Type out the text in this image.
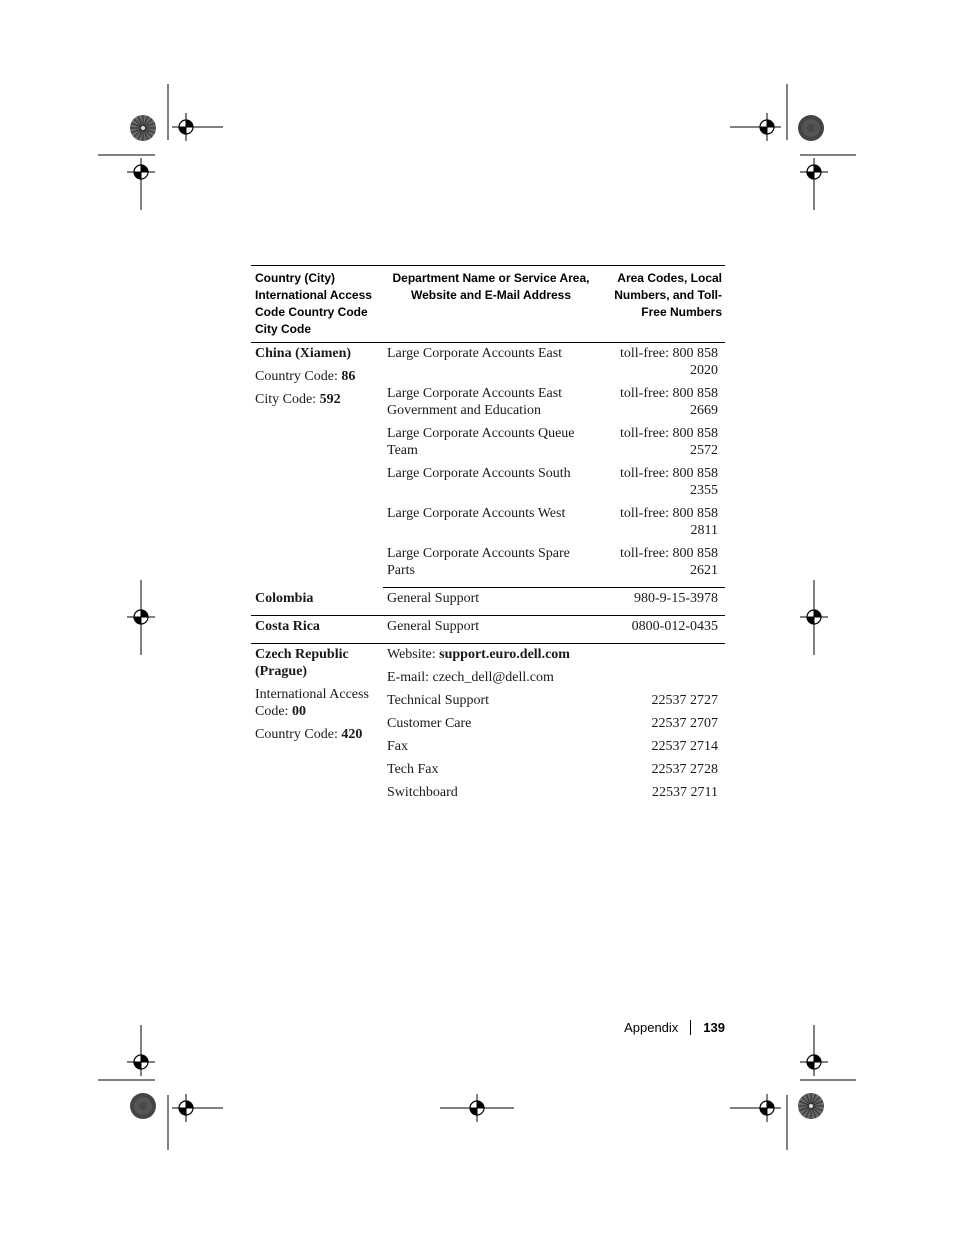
Country (City) International Access Code Country Code City Code	Department Name or Service Area, Website and E-Mail Address	Area Codes, Local Numbers, and Toll-Free Numbers

China (Xiamen)
Country Code: 86
City Code: 592	Large Corporate Accounts East	toll-free: 800 858 2020
	Large Corporate Accounts East Government and Education	toll-free: 800 858 2669
	Large Corporate Accounts Queue Team	toll-free: 800 858 2572
	Large Corporate Accounts South	toll-free: 800 858 2355
	Large Corporate Accounts West	toll-free: 800 858 2811
	Large Corporate Accounts Spare Parts	toll-free: 800 858 2621
Colombia	General Support	980-9-15-3978
Costa Rica	General Support	0800-012-0435

Czech Republic (Prague)
International Access Code: 00
Country Code: 420	Website: support.euro.dell.com	
	E-mail: czech_dell@dell.com	
	Technical Support	22537 2727
	Customer Care	22537 2707
	Fax	22537 2714
	Tech Fax	22537 2728
	Switchboard	22537 2711
Appendix 139
